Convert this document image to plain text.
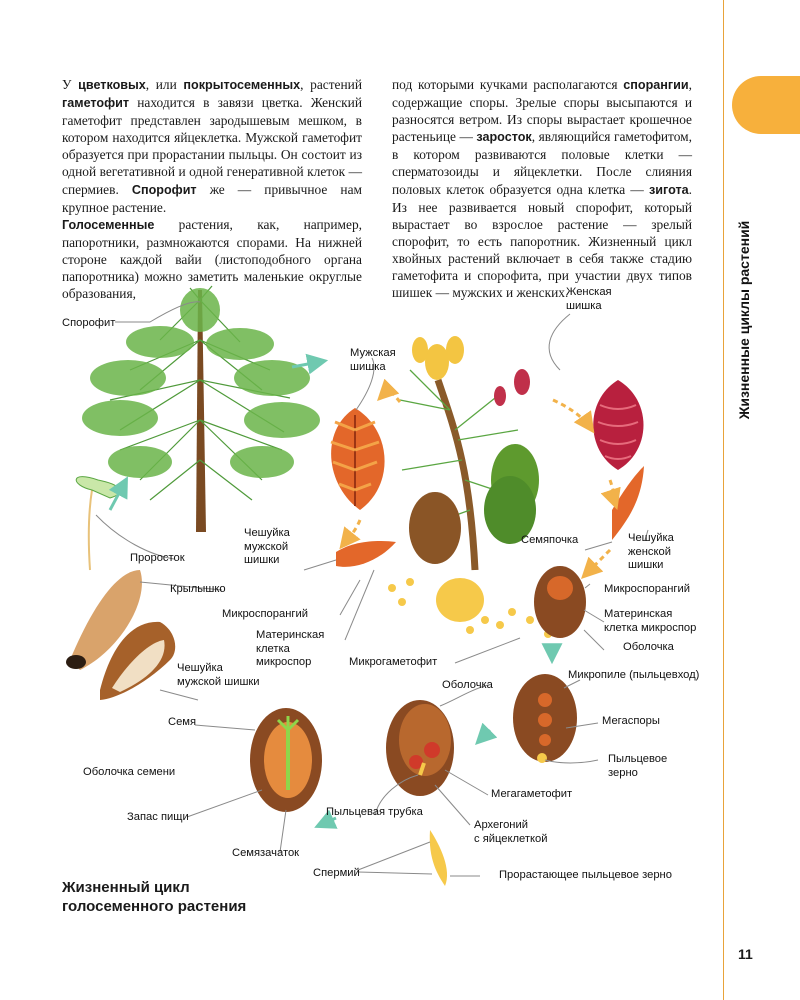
Жизненные циклы растений

У цветковых, или покрытосеменных, растений гаметофит находится в завязи цветка. Женский гаметофит представлен зародышевым мешком, в котором находится яйцеклетка. Мужской гаметофит образуется при прорастании пыльцы. Он состоит из одной вегетативной и одной генеративной клеток — спермиев. Спорофит же — привычное нам крупное растение.

Голосеменные растения, как, например, папоротники, размножаются спорами. На нижней стороне каждой вайи (листоподобного органа папоротника) можно заметить маленькие округлые образования,

под которыми кучками располагаются спорангии, содержащие споры. Зрелые споры высыпаются и разносятся ветром. Из споры вырастает крошечное растеньице — заросток, являющийся гаметофитом, в котором развиваются половые клетки — сперматозоиды и яйцеклетки. После слияния половых клеток образуется одна клетка — зигота. Из нее развивается новый спорофит, который вырастает во взрослое растение — зрелый спорофит, то есть папоротник. Жизненный цикл хвойных растений включает в себя также стадию гаметофита и спорофита, при участии двух типов шишек — мужских и женских.

Спорофит
Мужская
шишка
Женская
шишка
Чешуйка
мужской
шишки
Проросток
Семяпочка	Чешуйка
женской
шишки
Крылышко
Микроспорангий
Микроспорангий
Материнская
клетка
микроспор
Материнская
клетка микроспор
Оболочка
Микрогаметофит
Оболочка
Чешуйка
мужской шишки
Микропиле (пыльцевход)
Семя	Мегаспоры
Оболочка семени
Пыльцевое
зерно
Мегагаметофит
Запас пищи	Пыльцевая трубка
Архегоний
с яйцеклеткой
Семязачаток
Спермий	Прорастающее пыльцевое зерно
Жизненный цикл
голосеменного растения
11
